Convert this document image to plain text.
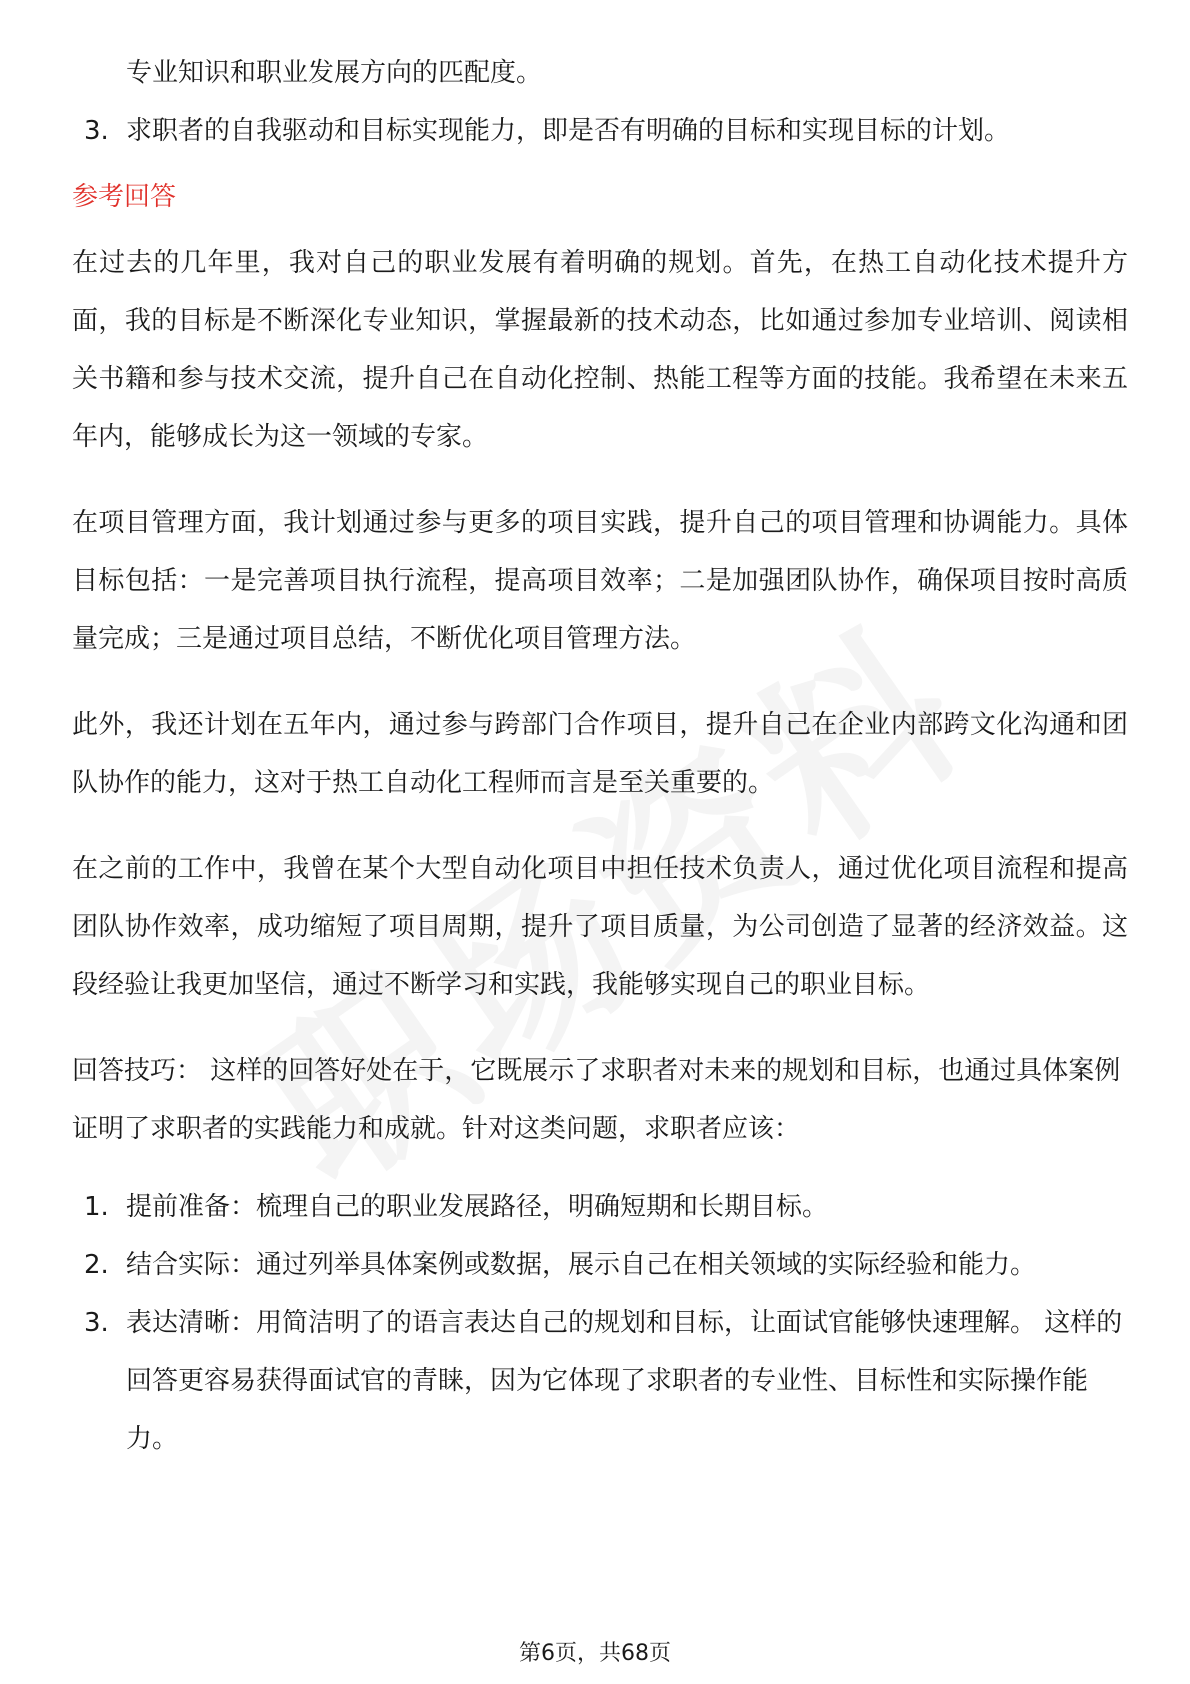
专业知识和职业发展方向的匹配度。
3. 求职者的自我驱动和目标实现能力，即是否有明确的目标和实现目标的计划。
参考回答

在过去的几年里，我对自己的职业发展有着明确的规划。首先，在热工自动化技术提升方面，我的目标是不断深化专业知识，掌握最新的技术动态，比如通过参加专业培训、阅读相关书籍和参与技术交流，提升自己在自动化控制、热能工程等方面的技能。我希望在未来五年内，能够成长为这一领域的专家。

在项目管理方面，我计划通过参与更多的项目实践，提升自己的项目管理和协调能力。具体目标包括：一是完善项目执行流程，提高项目效率；二是加强团队协作，确保项目按时高质量完成；三是通过项目总结，不断优化项目管理方法。

此外，我还计划在五年内，通过参与跨部门合作项目，提升自己在企业内部跨文化沟通和团队协作的能力，这对于热工自动化工程师而言是至关重要的。

在之前的工作中，我曾在某个大型自动化项目中担任技术负责人，通过优化项目流程和提高团队协作效率，成功缩短了项目周期，提升了项目质量，为公司创造了显著的经济效益。这段经验让我更加坚信，通过不断学习和实践，我能够实现自己的职业目标。

回答技巧： 这样的回答好处在于，它既展示了求职者对未来的规划和目标，也通过具体案例证明了求职者的实践能力和成就。针对这类问题，求职者应该：

1. 提前准备：梳理自己的职业发展路径，明确短期和长期目标。
2. 结合实际：通过列举具体案例或数据，展示自己在相关领域的实际经验和能力。
3. 表达清晰：用简洁明了的语言表达自己的规划和目标，让面试官能够快速理解。 这样的回答更容易获得面试官的青睐，因为它体现了求职者的专业性、目标性和实际操作能力。
第6页，共68页
